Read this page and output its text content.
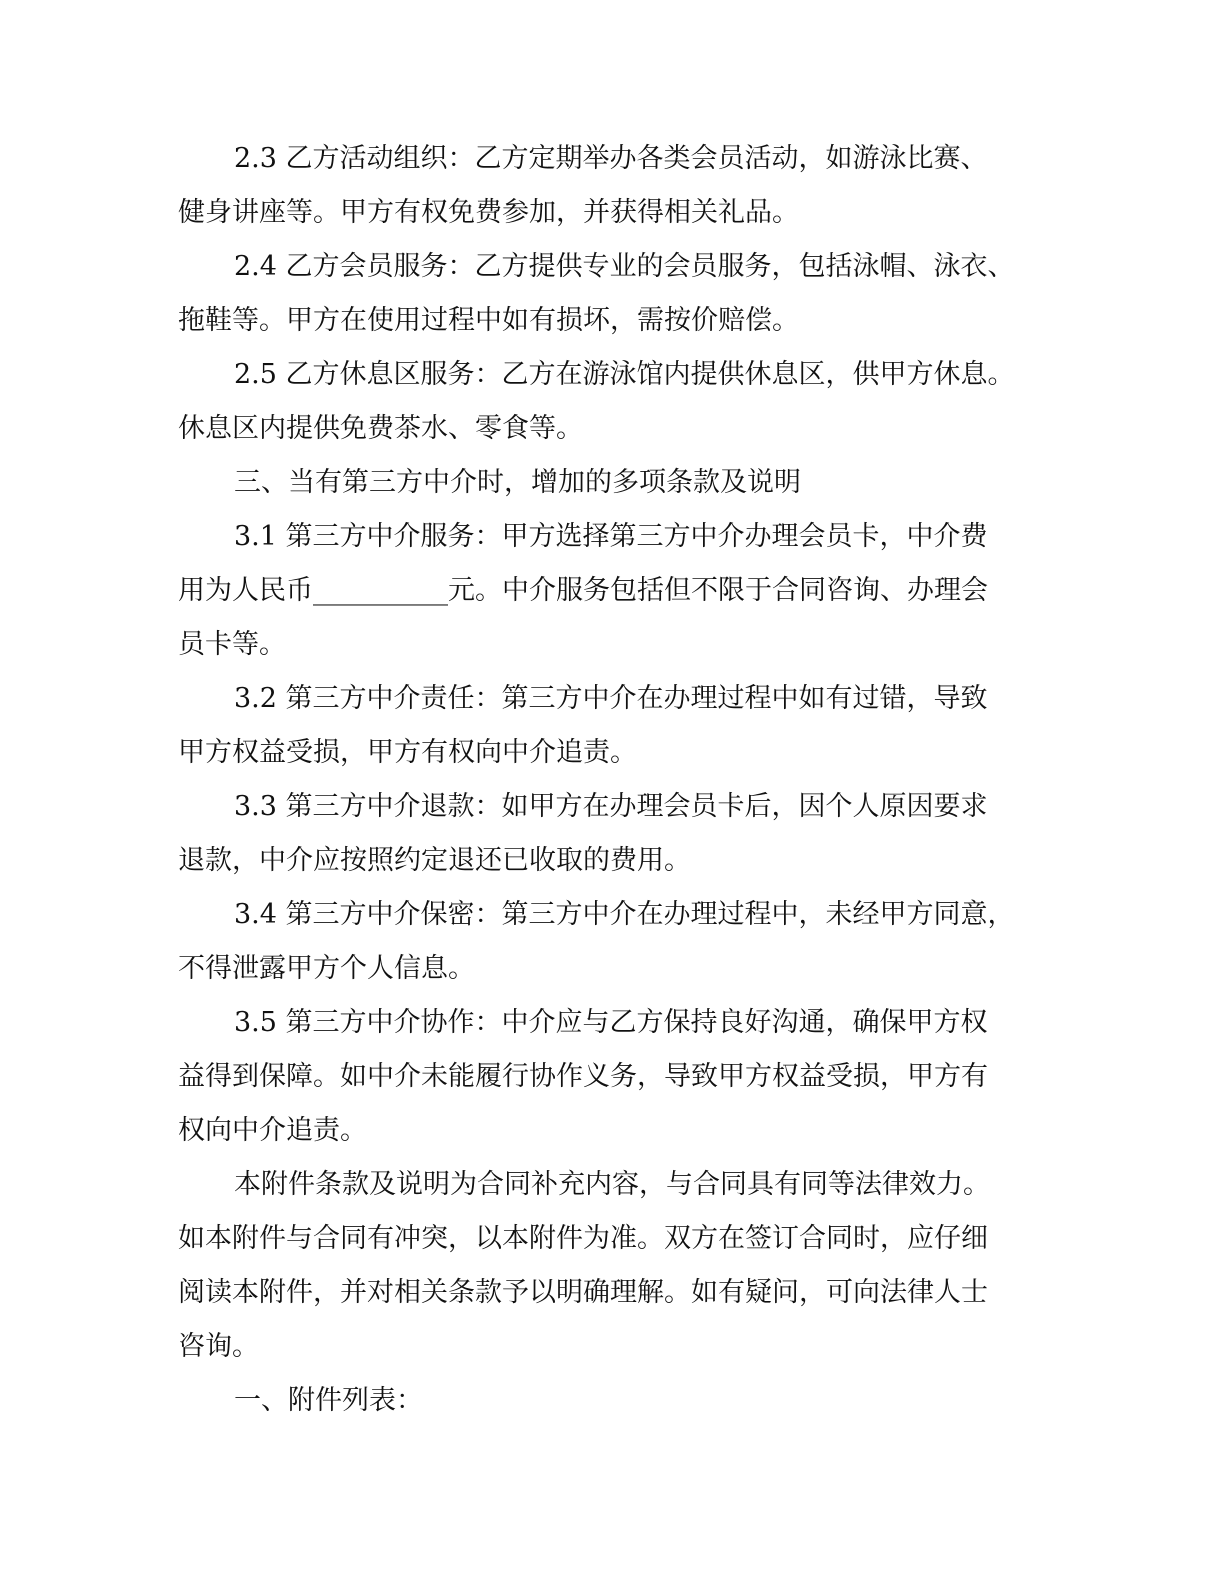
2.3 乙方活动组织：乙方定期举办各类会员活动，如游泳比赛、
健身讲座等。甲方有权免费参加，并获得相关礼品。
2.4 乙方会员服务：乙方提供专业的会员服务，包括泳帽、泳衣、
拖鞋等。甲方在使用过程中如有损坏，需按价赔偿。
2.5 乙方休息区服务：乙方在游泳馆内提供休息区，供甲方休息。
休息区内提供免费茶水、零食等。
三、当有第三方中介时，增加的多项条款及说明
3.1 第三方中介服务：甲方选择第三方中介办理会员卡，中介费
用为人民币__________元。中介服务包括但不限于合同咨询、办理会
员卡等。
3.2 第三方中介责任：第三方中介在办理过程中如有过错，导致
甲方权益受损，甲方有权向中介追责。
3.3 第三方中介退款：如甲方在办理会员卡后，因个人原因要求
退款，中介应按照约定退还已收取的费用。
3.4 第三方中介保密：第三方中介在办理过程中，未经甲方同意，
不得泄露甲方个人信息。
3.5 第三方中介协作：中介应与乙方保持良好沟通，确保甲方权
益得到保障。如中介未能履行协作义务，导致甲方权益受损，甲方有
权向中介追责。
本附件条款及说明为合同补充内容，与合同具有同等法律效力。
如本附件与合同有冲突，以本附件为准。双方在签订合同时，应仔细
阅读本附件，并对相关条款予以明确理解。如有疑问，可向法律人士
咨询。
一、附件列表：
